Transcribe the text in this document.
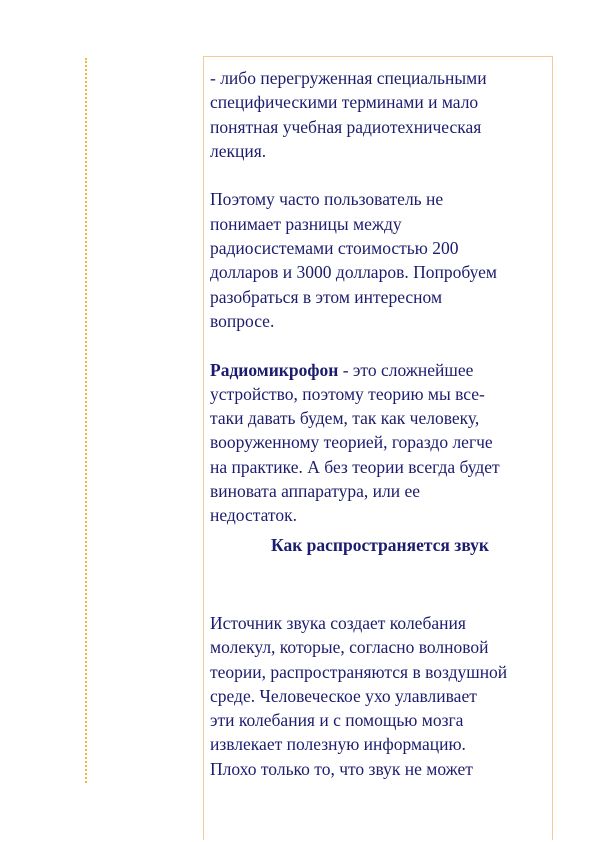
- либо перегруженная специальными

специфическими терминами и мало

понятная учебная радиотехническая

лекция.

Поэтому часто пользователь не

понимает разницы между

радиосистемами стоимостью 200

долларов и 3000 долларов. Попробуем

разобраться в этом интересном

вопросе.

Радиомикрофон - это сложнейшее

устройство, поэтому теорию мы все-

таки давать будем, так как человеку,

вооруженному теорией, гораздо легче

на практике. А без теории всегда будет

виновата аппаратура, или ее

недостаток.

Как распространяется звук

Источник звука создает колебания

молекул, которые, согласно волновой

теории, распространяются в воздушной

среде. Человеческое ухо улавливает

эти колебания и с помощью мозга

извлекает полезную информацию.

Плохо только то, что звук не может
